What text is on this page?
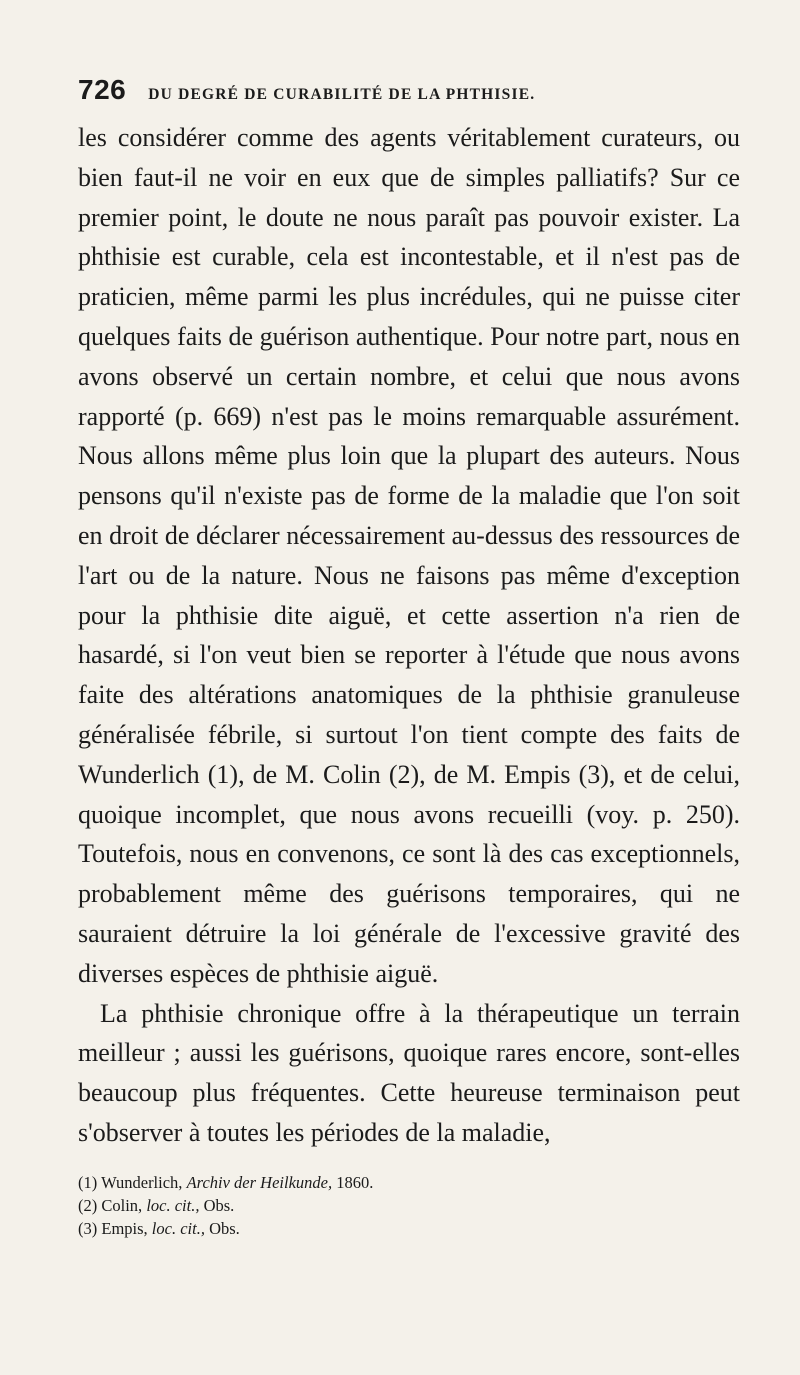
726 DU DEGRÉ DE CURABILITÉ DE LA PHTHISIE.

les considérer comme des agents véritablement curateurs, ou bien faut-il ne voir en eux que de simples palliatifs? Sur ce premier point, le doute ne nous paraît pas pouvoir exister. La phthisie est curable, cela est incontestable, et il n'est pas de praticien, même parmi les plus incrédules, qui ne puisse citer quelques faits de guérison authentique. Pour notre part, nous en avons observé un certain nombre, et celui que nous avons rapporté (p. 669) n'est pas le moins remarquable assurément. Nous allons même plus loin que la plupart des auteurs. Nous pensons qu'il n'existe pas de forme de la maladie que l'on soit en droit de déclarer nécessairement au-dessus des ressources de l'art ou de la nature. Nous ne faisons pas même d'exception pour la phthisie dite aiguë, et cette assertion n'a rien de hasardé, si l'on veut bien se reporter à l'étude que nous avons faite des altérations anatomiques de la phthisie granuleuse généralisée fébrile, si surtout l'on tient compte des faits de Wunderlich (1), de M. Colin (2), de M. Empis (3), et de celui, quoique incomplet, que nous avons recueilli (voy. p. 250). Toutefois, nous en convenons, ce sont là des cas exceptionnels, probablement même des guérisons temporaires, qui ne sauraient détruire la loi générale de l'excessive gravité des diverses espèces de phthisie aiguë.

La phthisie chronique offre à la thérapeutique un terrain meilleur ; aussi les guérisons, quoique rares encore, sont-elles beaucoup plus fréquentes. Cette heureuse terminaison peut s'observer à toutes les périodes de la maladie,

(1) Wunderlich, Archiv der Heilkunde, 1860.
(2) Colin, loc. cit., Obs.
(3) Empis, loc. cit., Obs.
